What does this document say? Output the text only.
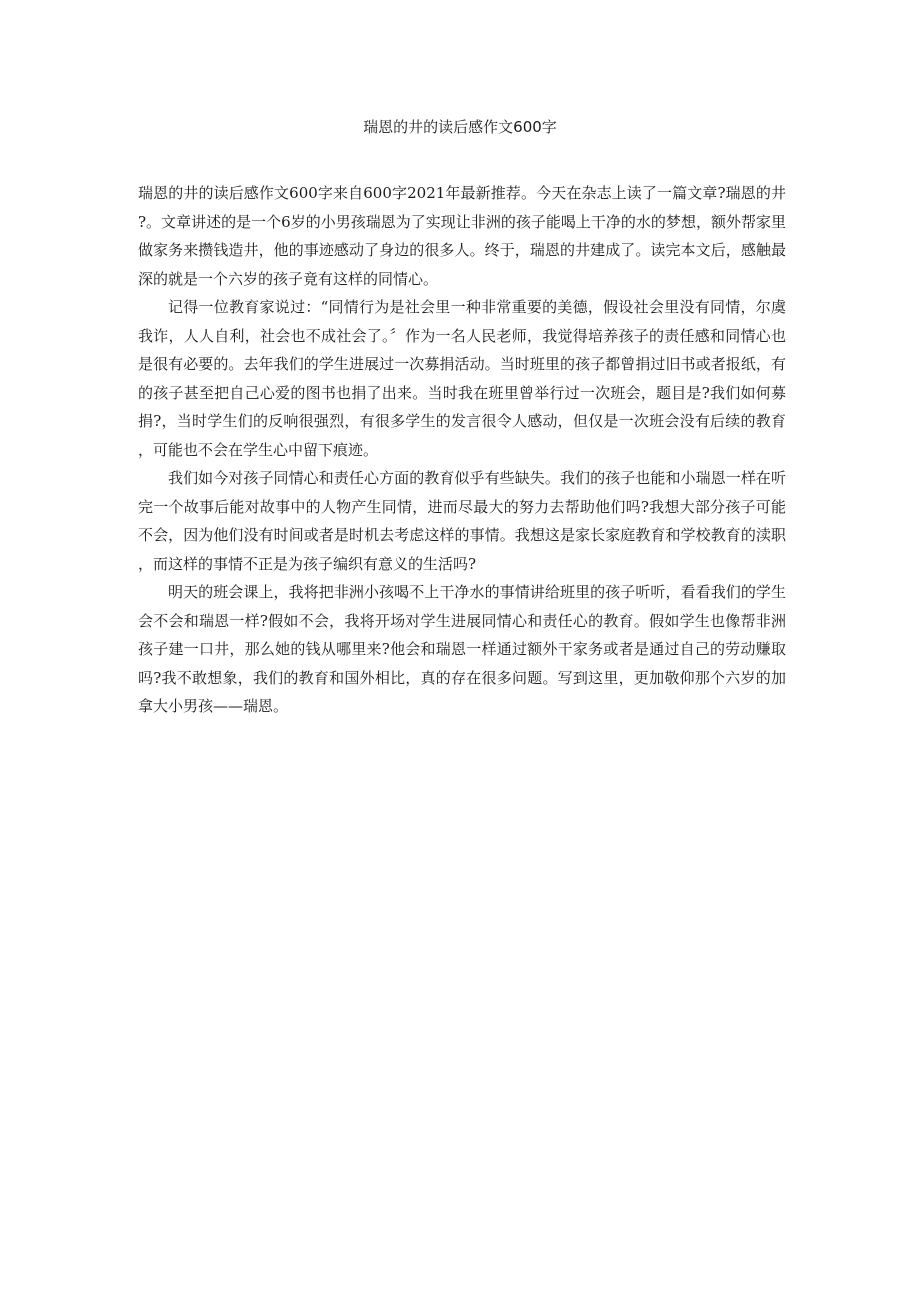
瑞恩的井的读后感作文600字

瑞恩的井的读后感作文600字来自600字2021年最新推荐。今天在杂志上读了一篇文章?瑞恩的井?。文章讲述的是一个6岁的小男孩瑞恩为了实现让非洲的孩子能喝上干净的水的梦想，额外帮家里做家务来攒钱造井，他的事迹感动了身边的很多人。终于，瑞恩的井建成了。读完本文后，感触最深的就是一个六岁的孩子竟有这样的同情心。

记得一位教育家说过：“同情行为是社会里一种非常重要的美德，假设社会里没有同情，尔虞我诈，人人自利，社会也不成社会了。〞作为一名人民老师，我觉得培养孩子的责任感和同情心也是很有必要的。去年我们的学生进展过一次募捐活动。当时班里的孩子都曾捐过旧书或者报纸，有的孩子甚至把自己心爱的图书也捐了出来。当时我在班里曾举行过一次班会，题目是?我们如何募捐?，当时学生们的反响很强烈，有很多学生的发言很令人感动，但仅是一次班会没有后续的教育，可能也不会在学生心中留下痕迹。

我们如今对孩子同情心和责任心方面的教育似乎有些缺失。我们的孩子也能和小瑞恩一样在听完一个故事后能对故事中的人物产生同情，进而尽最大的努力去帮助他们吗?我想大部分孩子可能不会，因为他们没有时间或者是时机去考虑这样的事情。我想这是家长家庭教育和学校教育的渎职，而这样的事情不正是为孩子编织有意义的生活吗?

明天的班会课上，我将把非洲小孩喝不上干净水的事情讲给班里的孩子听听，看看我们的学生会不会和瑞恩一样?假如不会，我将开场对学生进展同情心和责任心的教育。假如学生也像帮非洲孩子建一口井，那么她的钱从哪里来?他会和瑞恩一样通过额外干家务或者是通过自己的劳动赚取吗?我不敢想象，我们的教育和国外相比，真的存在很多问题。写到这里，更加敬仰那个六岁的加拿大小男孩——瑞恩。
